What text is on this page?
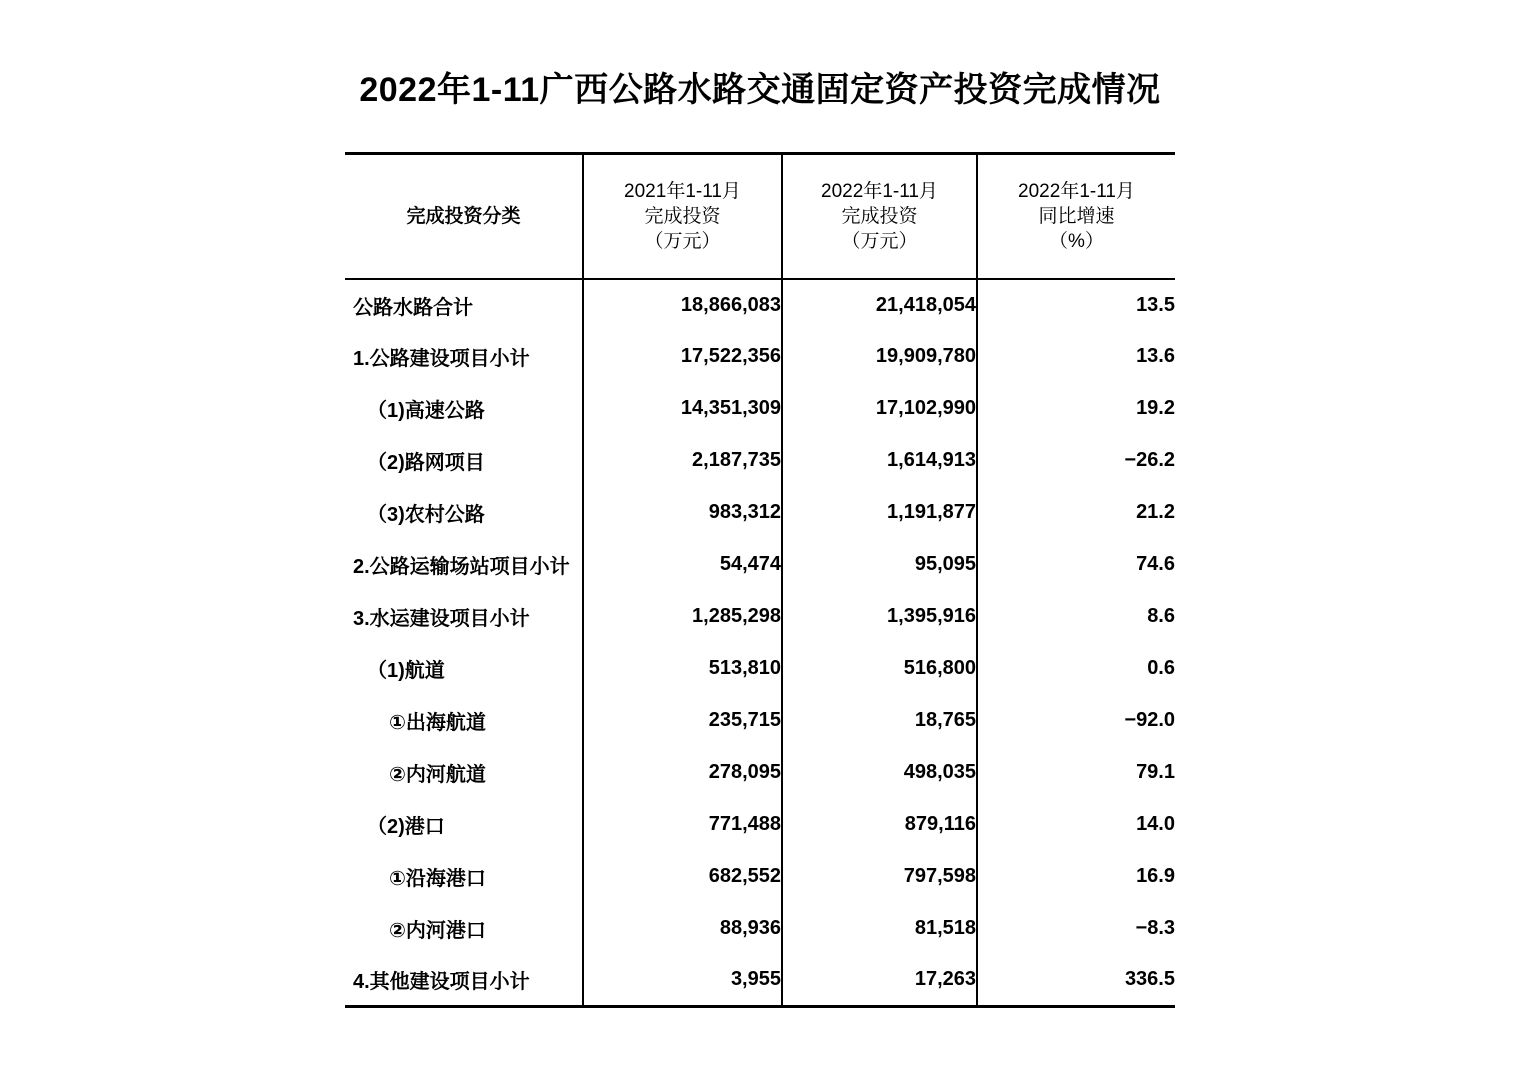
2022年1-11广西公路水路交通固定资产投资完成情况
完成投资分类	2021年1-11月
完成投资
（万元）	2022年1-11月
完成投资
（万元）	2022年1-11月
同比增速
（%）

公路水路合计	18,866,083	21,418,054	13.5
1.公路建设项目小计	17,522,356	19,909,780	13.6
（1)高速公路	14,351,309	17,102,990	19.2
（2)路网项目	2,187,735	1,614,913	−26.2
（3)农村公路	983,312	1,191,877	21.2
2.公路运输场站项目小计	54,474	95,095	74.6
3.水运建设项目小计	1,285,298	1,395,916	8.6
（1)航道	513,810	516,800	0.6
①出海航道	235,715	18,765	−92.0
②内河航道	278,095	498,035	79.1
（2)港口	771,488	879,116	14.0
①沿海港口	682,552	797,598	16.9
②内河港口	88,936	81,518	−8.3
4.其他建设项目小计	3,955	17,263	336.5
